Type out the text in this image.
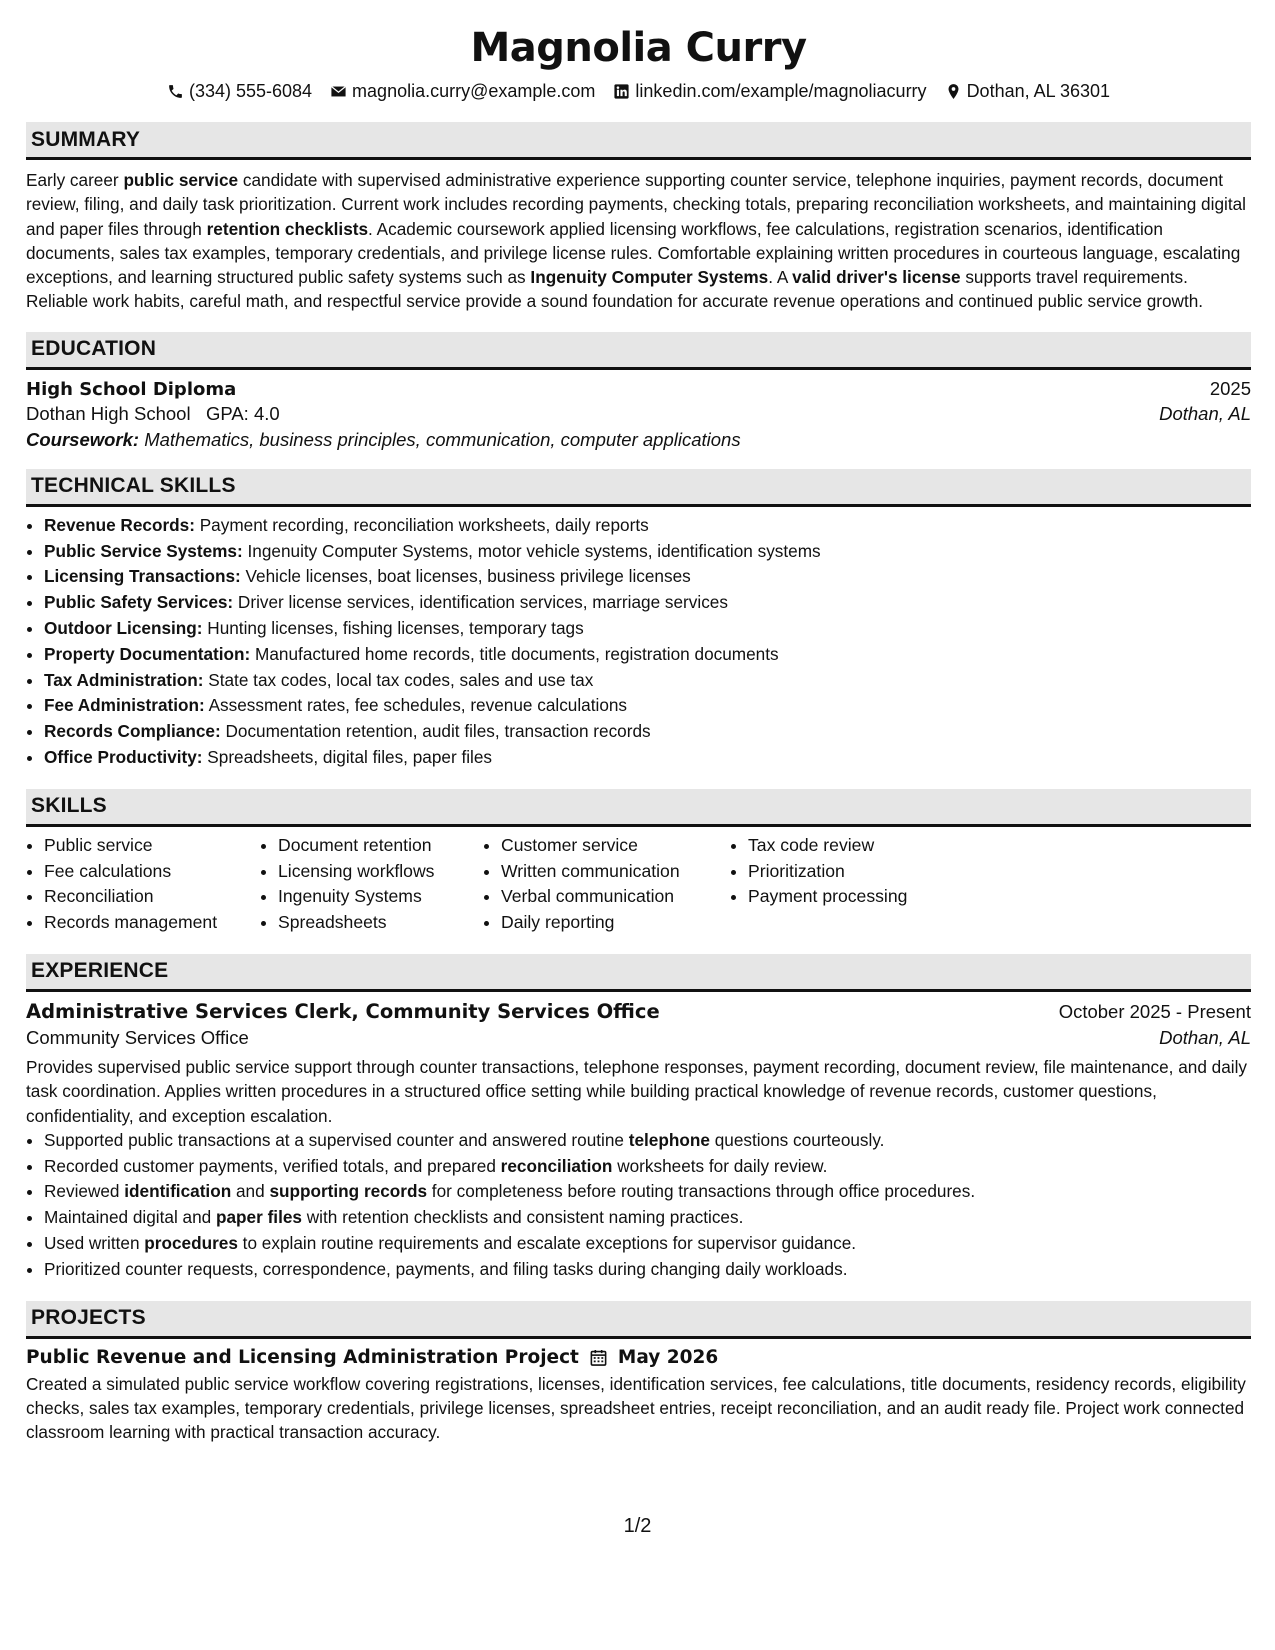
Magnolia Curry
(334) 555-6084 magnolia.curry@example.com linkedin.com/example/magnoliacurry Dothan, AL 36301
SUMMARY
Early career public service candidate with supervised administrative experience supporting counter service, telephone inquiries, payment records, document review, filing, and daily task prioritization. Current work includes recording payments, checking totals, preparing reconciliation worksheets, and maintaining digital and paper files through retention checklists. Academic coursework applied licensing workflows, fee calculations, registration scenarios, identification documents, sales tax examples, temporary credentials, and privilege license rules. Comfortable explaining written procedures in courteous language, escalating exceptions, and learning structured public safety systems such as Ingenuity Computer Systems. A valid driver's license supports travel requirements. Reliable work habits, careful math, and respectful service provide a sound foundation for accurate revenue operations and continued public service growth.
EDUCATION
High School Diploma	2025
Dothan High School GPA: 4.0	Dothan, AL
Coursework: Mathematics, business principles, communication, computer applications
TECHNICAL SKILLS
• Revenue Records: Payment recording, reconciliation worksheets, daily reports
• Public Service Systems: Ingenuity Computer Systems, motor vehicle systems, identification systems
• Licensing Transactions: Vehicle licenses, boat licenses, business privilege licenses
• Public Safety Services: Driver license services, identification services, marriage services
• Outdoor Licensing: Hunting licenses, fishing licenses, temporary tags
• Property Documentation: Manufactured home records, title documents, registration documents
• Tax Administration: State tax codes, local tax codes, sales and use tax
• Fee Administration: Assessment rates, fee schedules, revenue calculations
• Records Compliance: Documentation retention, audit files, transaction records
• Office Productivity: Spreadsheets, digital files, paper files
SKILLS
• Public service
• Fee calculations
• Reconciliation
• Records management
• Document retention
• Licensing workflows
• Ingenuity Systems
• Spreadsheets
• Customer service
• Written communication
• Verbal communication
• Daily reporting
• Tax code review
• Prioritization
• Payment processing
EXPERIENCE
Administrative Services Clerk, Community Services Office	October 2025 - Present
Community Services Office	Dothan, AL
Provides supervised public service support through counter transactions, telephone responses, payment recording, document review, file maintenance, and daily task coordination. Applies written procedures in a structured office setting while building practical knowledge of revenue records, customer questions, confidentiality, and exception escalation.
• Supported public transactions at a supervised counter and answered routine telephone questions courteously.
• Recorded customer payments, verified totals, and prepared reconciliation worksheets for daily review.
• Reviewed identification and supporting records for completeness before routing transactions through office procedures.
• Maintained digital and paper files with retention checklists and consistent naming practices.
• Used written procedures to explain routine requirements and escalate exceptions for supervisor guidance.
• Prioritized counter requests, correspondence, payments, and filing tasks during changing daily workloads.
PROJECTS
Public Revenue and Licensing Administration Project May 2026
Created a simulated public service workflow covering registrations, licenses, identification services, fee calculations, title documents, residency records, eligibility checks, sales tax examples, temporary credentials, privilege licenses, spreadsheet entries, receipt reconciliation, and an audit ready file. Project work connected classroom learning with practical transaction accuracy.
1/2
